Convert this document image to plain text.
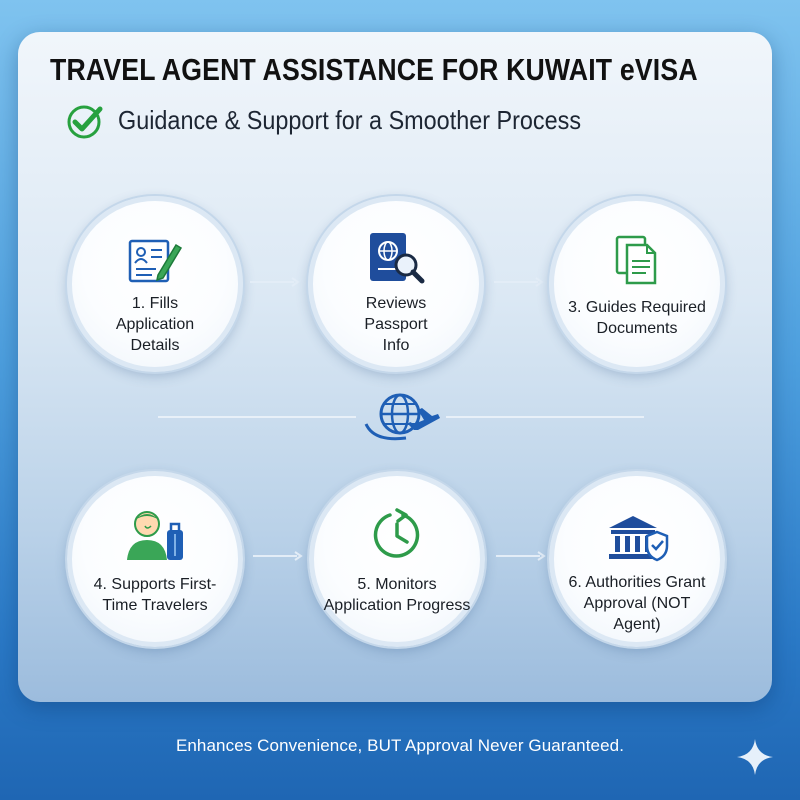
TRAVEL AGENT ASSISTANCE FOR KUWAIT eVISA
Guidance & Support for a Smoother Process
1. Fills
Application
Details
Reviews
Passport
Info
3. Guides Required
Documents
4. Supports First-
Time Travelers
5. Monitors
Application Progress
6. Authorities Grant
Approval (NOT
Agent)
Enhances Convenience, BUT Approval Never Guaranteed.
